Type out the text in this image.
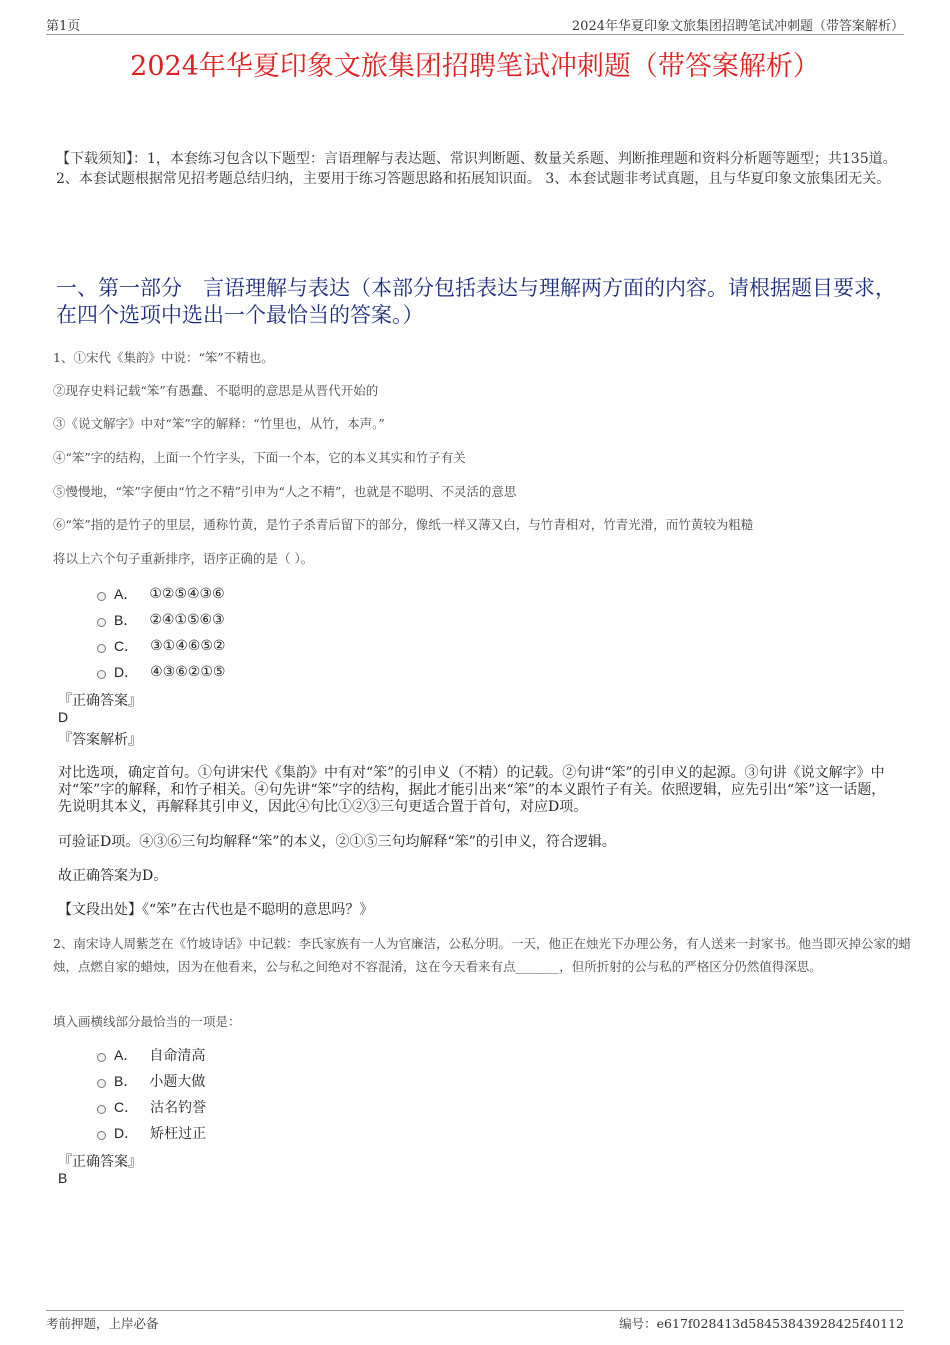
第1页	2024年华夏印象文旅集团招聘笔试冲刺题（带答案解析）
2024年华夏印象文旅集团招聘笔试冲刺题（带答案解析）
【下载须知】：1，本套练习包含以下题型：言语理解与表达题、常识判断题、数量关系题、判断推理题和资料分析题等题型；共135道。 2、本套试题根据常见招考题总结归纳，主要用于练习答题思路和拓展知识面。 3、本套试题非考试真题，且与华夏印象文旅集团无关。
一、第一部分　言语理解与表达（本部分包括表达与理解两方面的内容。请根据题目要求，在四个选项中选出一个最恰当的答案。）
1、①宋代《集韵》中说：“笨”不精也。
②现存史料记载“笨”有愚蠢、不聪明的意思是从晋代开始的
③《说文解字》中对“笨”字的解释：“竹里也，从竹，本声。”
④“笨”字的结构，上面一个竹字头，下面一个本，它的本义其实和竹子有关
⑤慢慢地，“笨”字便由“竹之不精”引申为“人之不精”，也就是不聪明、不灵活的意思
⑥“笨”指的是竹子的里层，通称竹黄，是竹子杀青后留下的部分，像纸一样又薄又白，与竹青相对，竹青光滑，而竹黄较为粗糙
将以上六个句子重新排序，语序正确的是（ ）。
A． ①②⑤④③⑥
B． ②④①⑤⑥③
C． ③①④⑥⑤②
D． ④③⑥②①⑤
『正确答案』
D
『答案解析』
对比选项，确定首句。①句讲宋代《集韵》中有对“笨”的引申义（不精）的记载。②句讲“笨”的引申义的起源。③句讲《说文解字》中对“笨”字的解释，和竹子相关。④句先讲“笨”字的结构，据此才能引出来“笨”的本义跟竹子有关。依照逻辑，应先引出“笨”这一话题，先说明其本义，再解释其引申义，因此④句比①②③三句更适合置于首句，对应D项。
可验证D项。④③⑥三句均解释“笨”的本义，②①⑤三句均解释“笨”的引申义，符合逻辑。
故正确答案为D。
【文段出处】《“笨”在古代也是不聪明的意思吗？》
2、南宋诗人周紫芝在《竹坡诗话》中记载：李氏家族有一人为官廉洁，公私分明。一天，他正在烛光下办理公务，有人送来一封家书。他当即灭掉公家的蜡烛，点燃自家的蜡烛，因为在他看来，公与私之间绝对不容混淆，这在今天看来有点_______，但所折射的公与私的严格区分仍然值得深思。
填入画横线部分最恰当的一项是：
A． 自命清高
B． 小题大做
C． 沽名钓誉
D． 矫枉过正
『正确答案』
B
考前押题，上岸必备	编号：e617f028413d58453843928425f40112
